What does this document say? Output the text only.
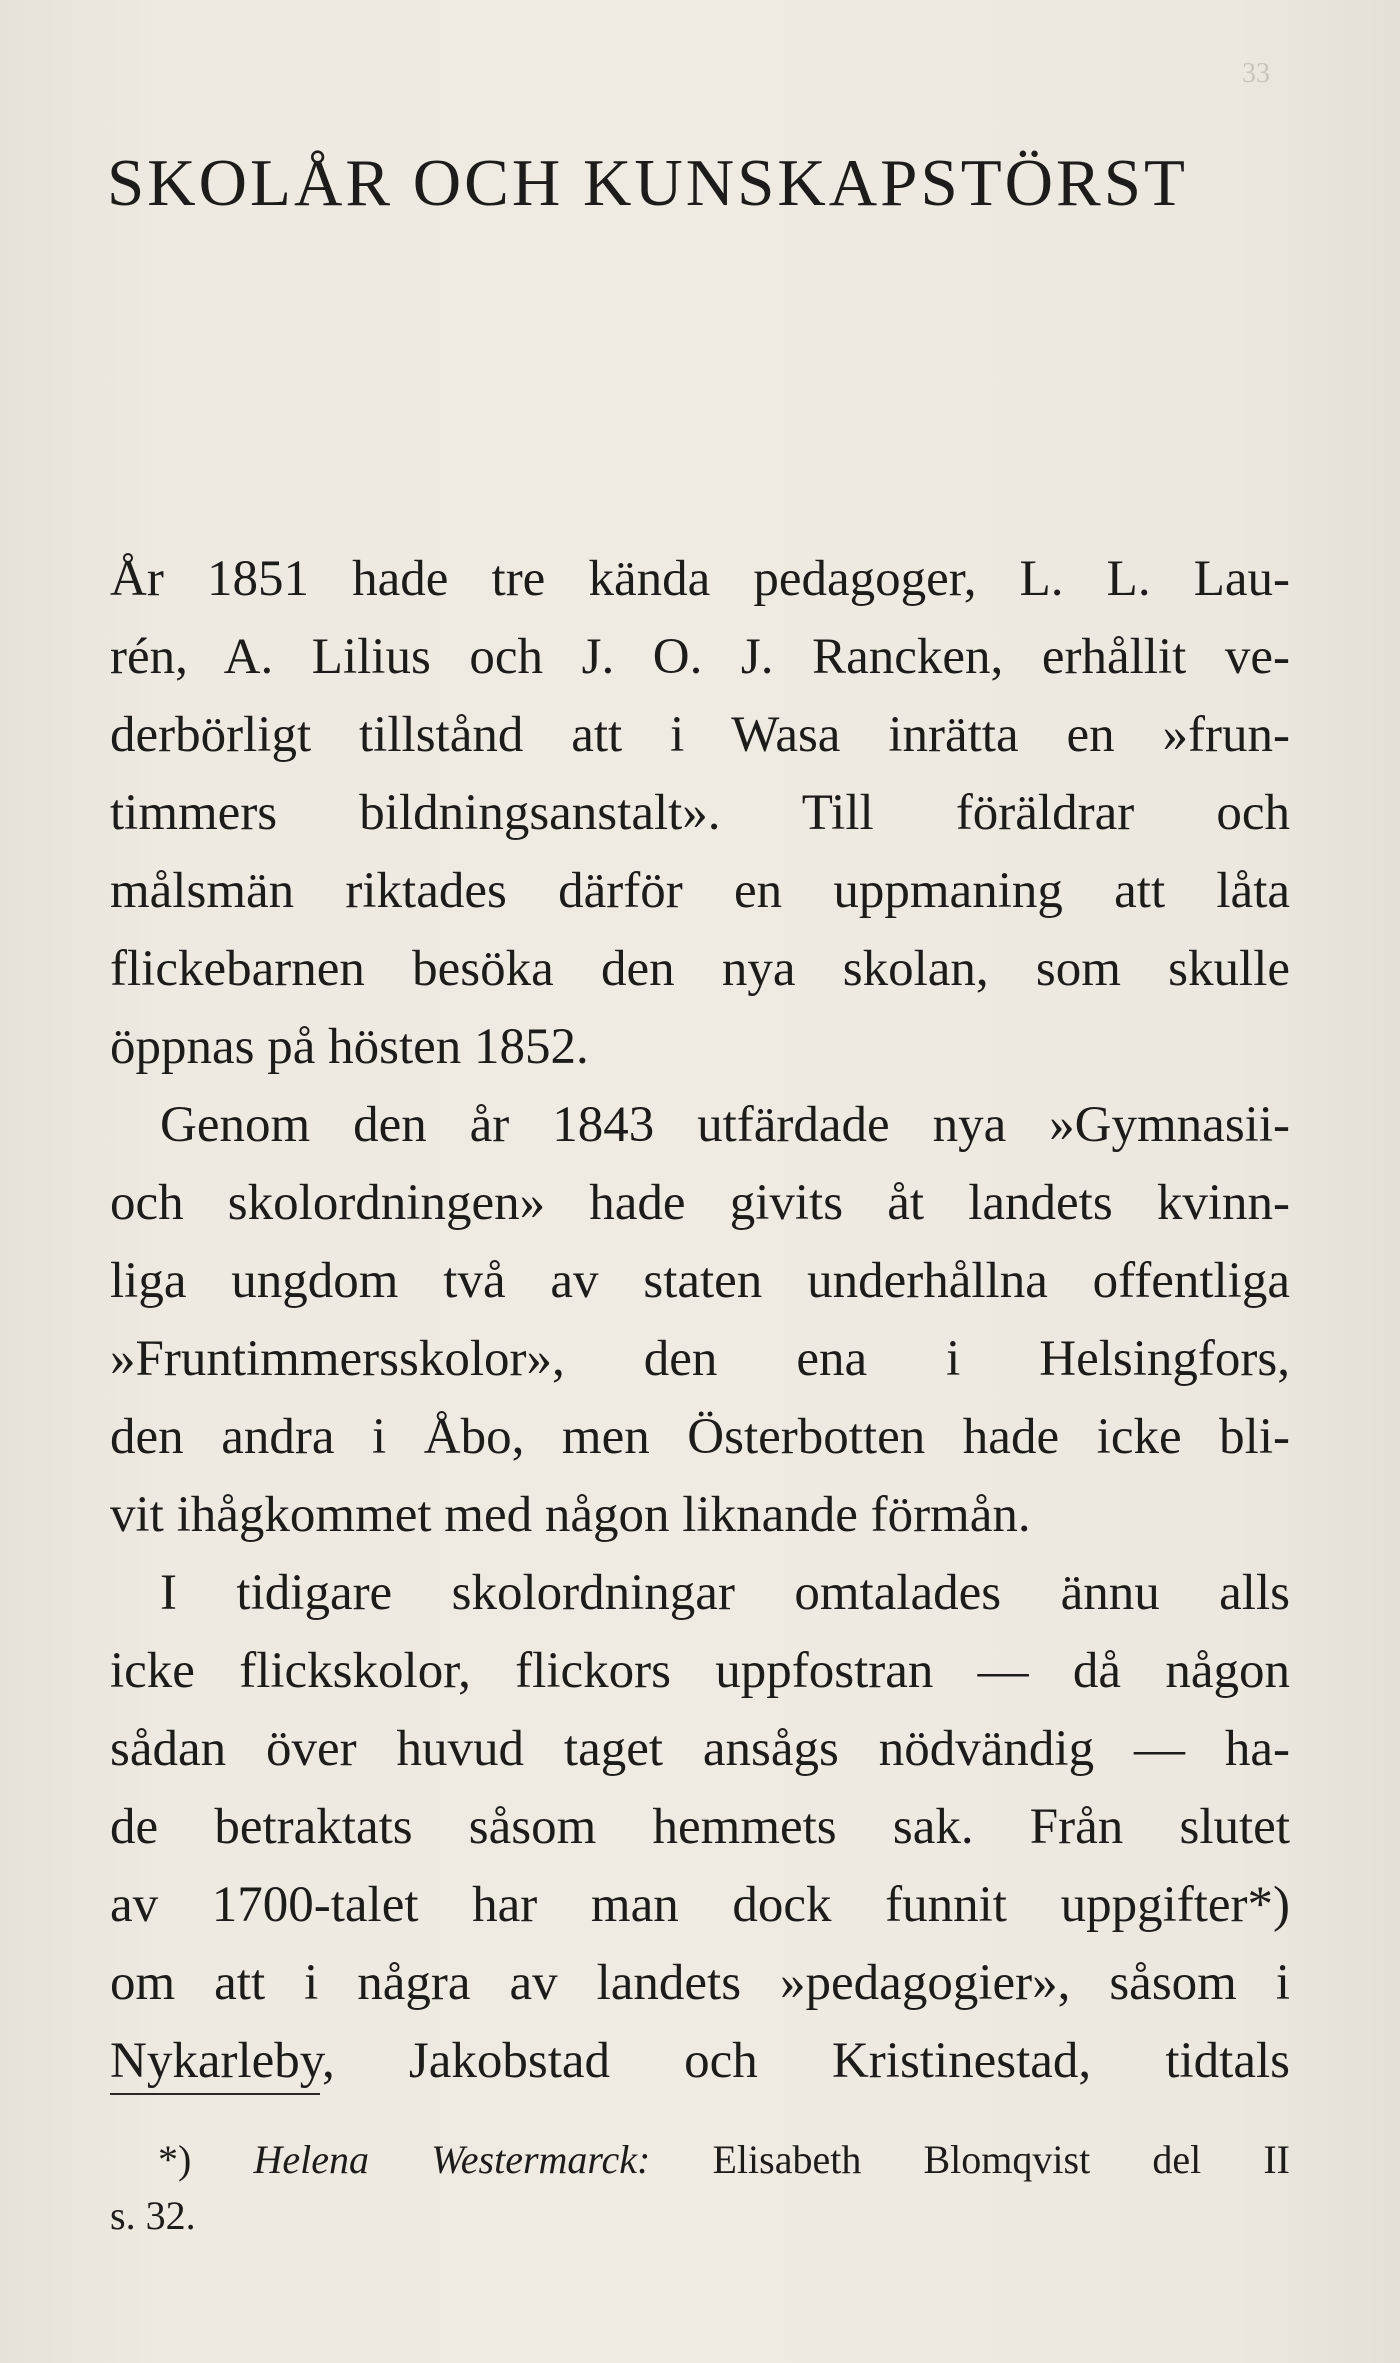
33
SKOLÅR OCH KUNSKAPSTÖRST
År 1851 hade tre kända pedagoger, L. L. Lau-
rén, A. Lilius och J. O. J. Rancken, erhållit ve-
derbörligt tillstånd att i Wasa inrätta en »frun-
timmers bildningsanstalt». Till föräldrar och
målsmän riktades därför en uppmaning att låta
flickebarnen besöka den nya skolan, som skulle
öppnas på hösten 1852.
Genom den år 1843 utfärdade nya »Gymnasii-
och skolordningen» hade givits åt landets kvinn-
liga ungdom två av staten underhållna offentliga
»Fruntimmersskolor», den ena i Helsingfors,
den andra i Åbo, men Österbotten hade icke bli-
vit ihågkommet med någon liknande förmån.
I tidigare skolordningar omtalades ännu alls
icke flickskolor, flickors uppfostran — då någon
sådan över huvud taget ansågs nödvändig — ha-
de betraktats såsom hemmets sak. Från slutet
av 1700-talet har man dock funnit uppgifter*)
om att i några av landets »pedagogier», såsom i
Nykarleby, Jakobstad och Kristinestad, tidtals
*) Helena Westermarck: Elisabeth Blomqvist del II
s. 32.
